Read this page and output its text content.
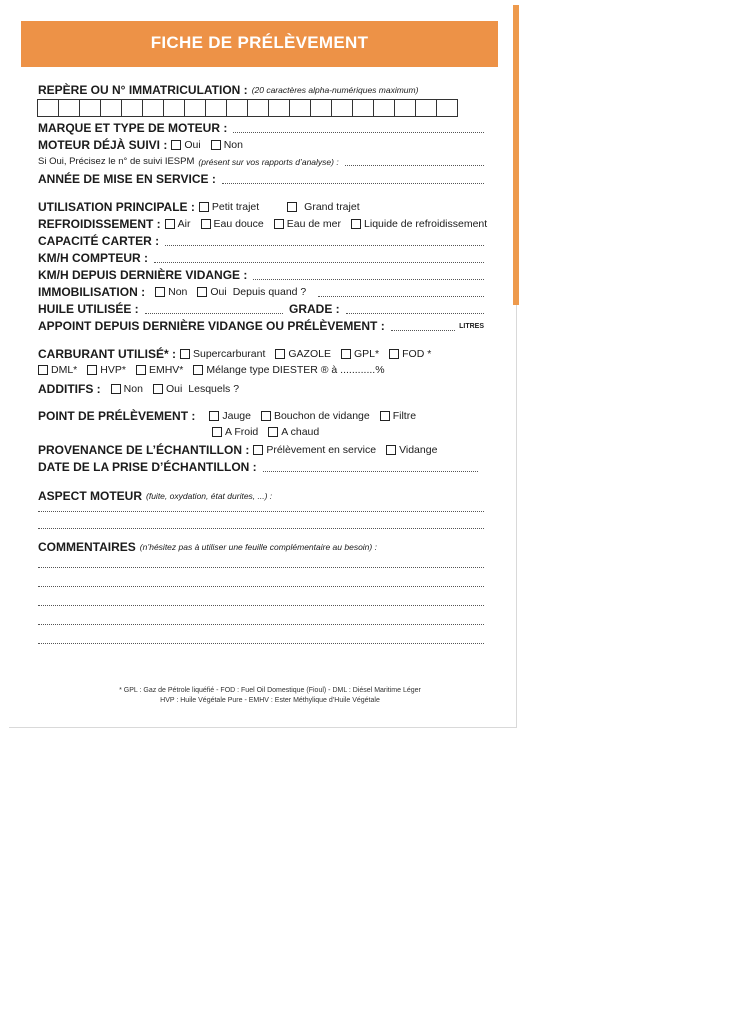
FICHE DE PRÉLÈVEMENT
REPÈRE OU N° IMMATRICULATION : (20 caractères alpha-numériques maximum)
MARQUE ET TYPE DE MOTEUR :
MOTEUR DÉJÀ SUIVI : Oui Non
Si Oui, Précisez le n° de suivi IESPM (présent sur vos rapports d’analyse) :
ANNÉE DE MISE EN SERVICE :
UTILISATION PRINCIPALE : Petit trajet	Grand trajet
REFROIDISSEMENT : Air Eau douce Eau de mer Liquide de refroidissement
CAPACITÉ CARTER :
KM/H COMPTEUR :
KM/H DEPUIS DERNIÈRE VIDANGE :
IMMOBILISATION : Non Oui Depuis quand ?
HUILE UTILISÉE :	GRADE :
APPOINT DEPUIS DERNIÈRE VIDANGE OU PRÉLÈVEMENT :	LITRES
CARBURANT UTILISÉ* : Supercarburant GAZOLE GPL* FOD *
DML* HVP* EMHV* Mélange type DIESTER ® à ............%
ADDITIFS : Non Oui Lesquels ?
POINT DE PRÉLÈVEMENT :	Jauge Bouchon de vidange Filtre
A Froid A chaud
PROVENANCE DE L’ÉCHANTILLON : Prélèvement en service Vidange
DATE DE LA PRISE D’ÉCHANTILLON :
ASPECT MOTEUR (fuite, oxydation, état durites, ...) :
COMMENTAIRES (n’hésitez pas à utiliser une feuille complémentaire au besoin) :
* GPL : Gaz de Pétrole liquéfié - FOD : Fuel Oil Domestique (Fioul) - DML : Diésel Maritime Léger
HVP : Huile Végétale Pure - EMHV : Ester Méthylique d’Huile Végétale
